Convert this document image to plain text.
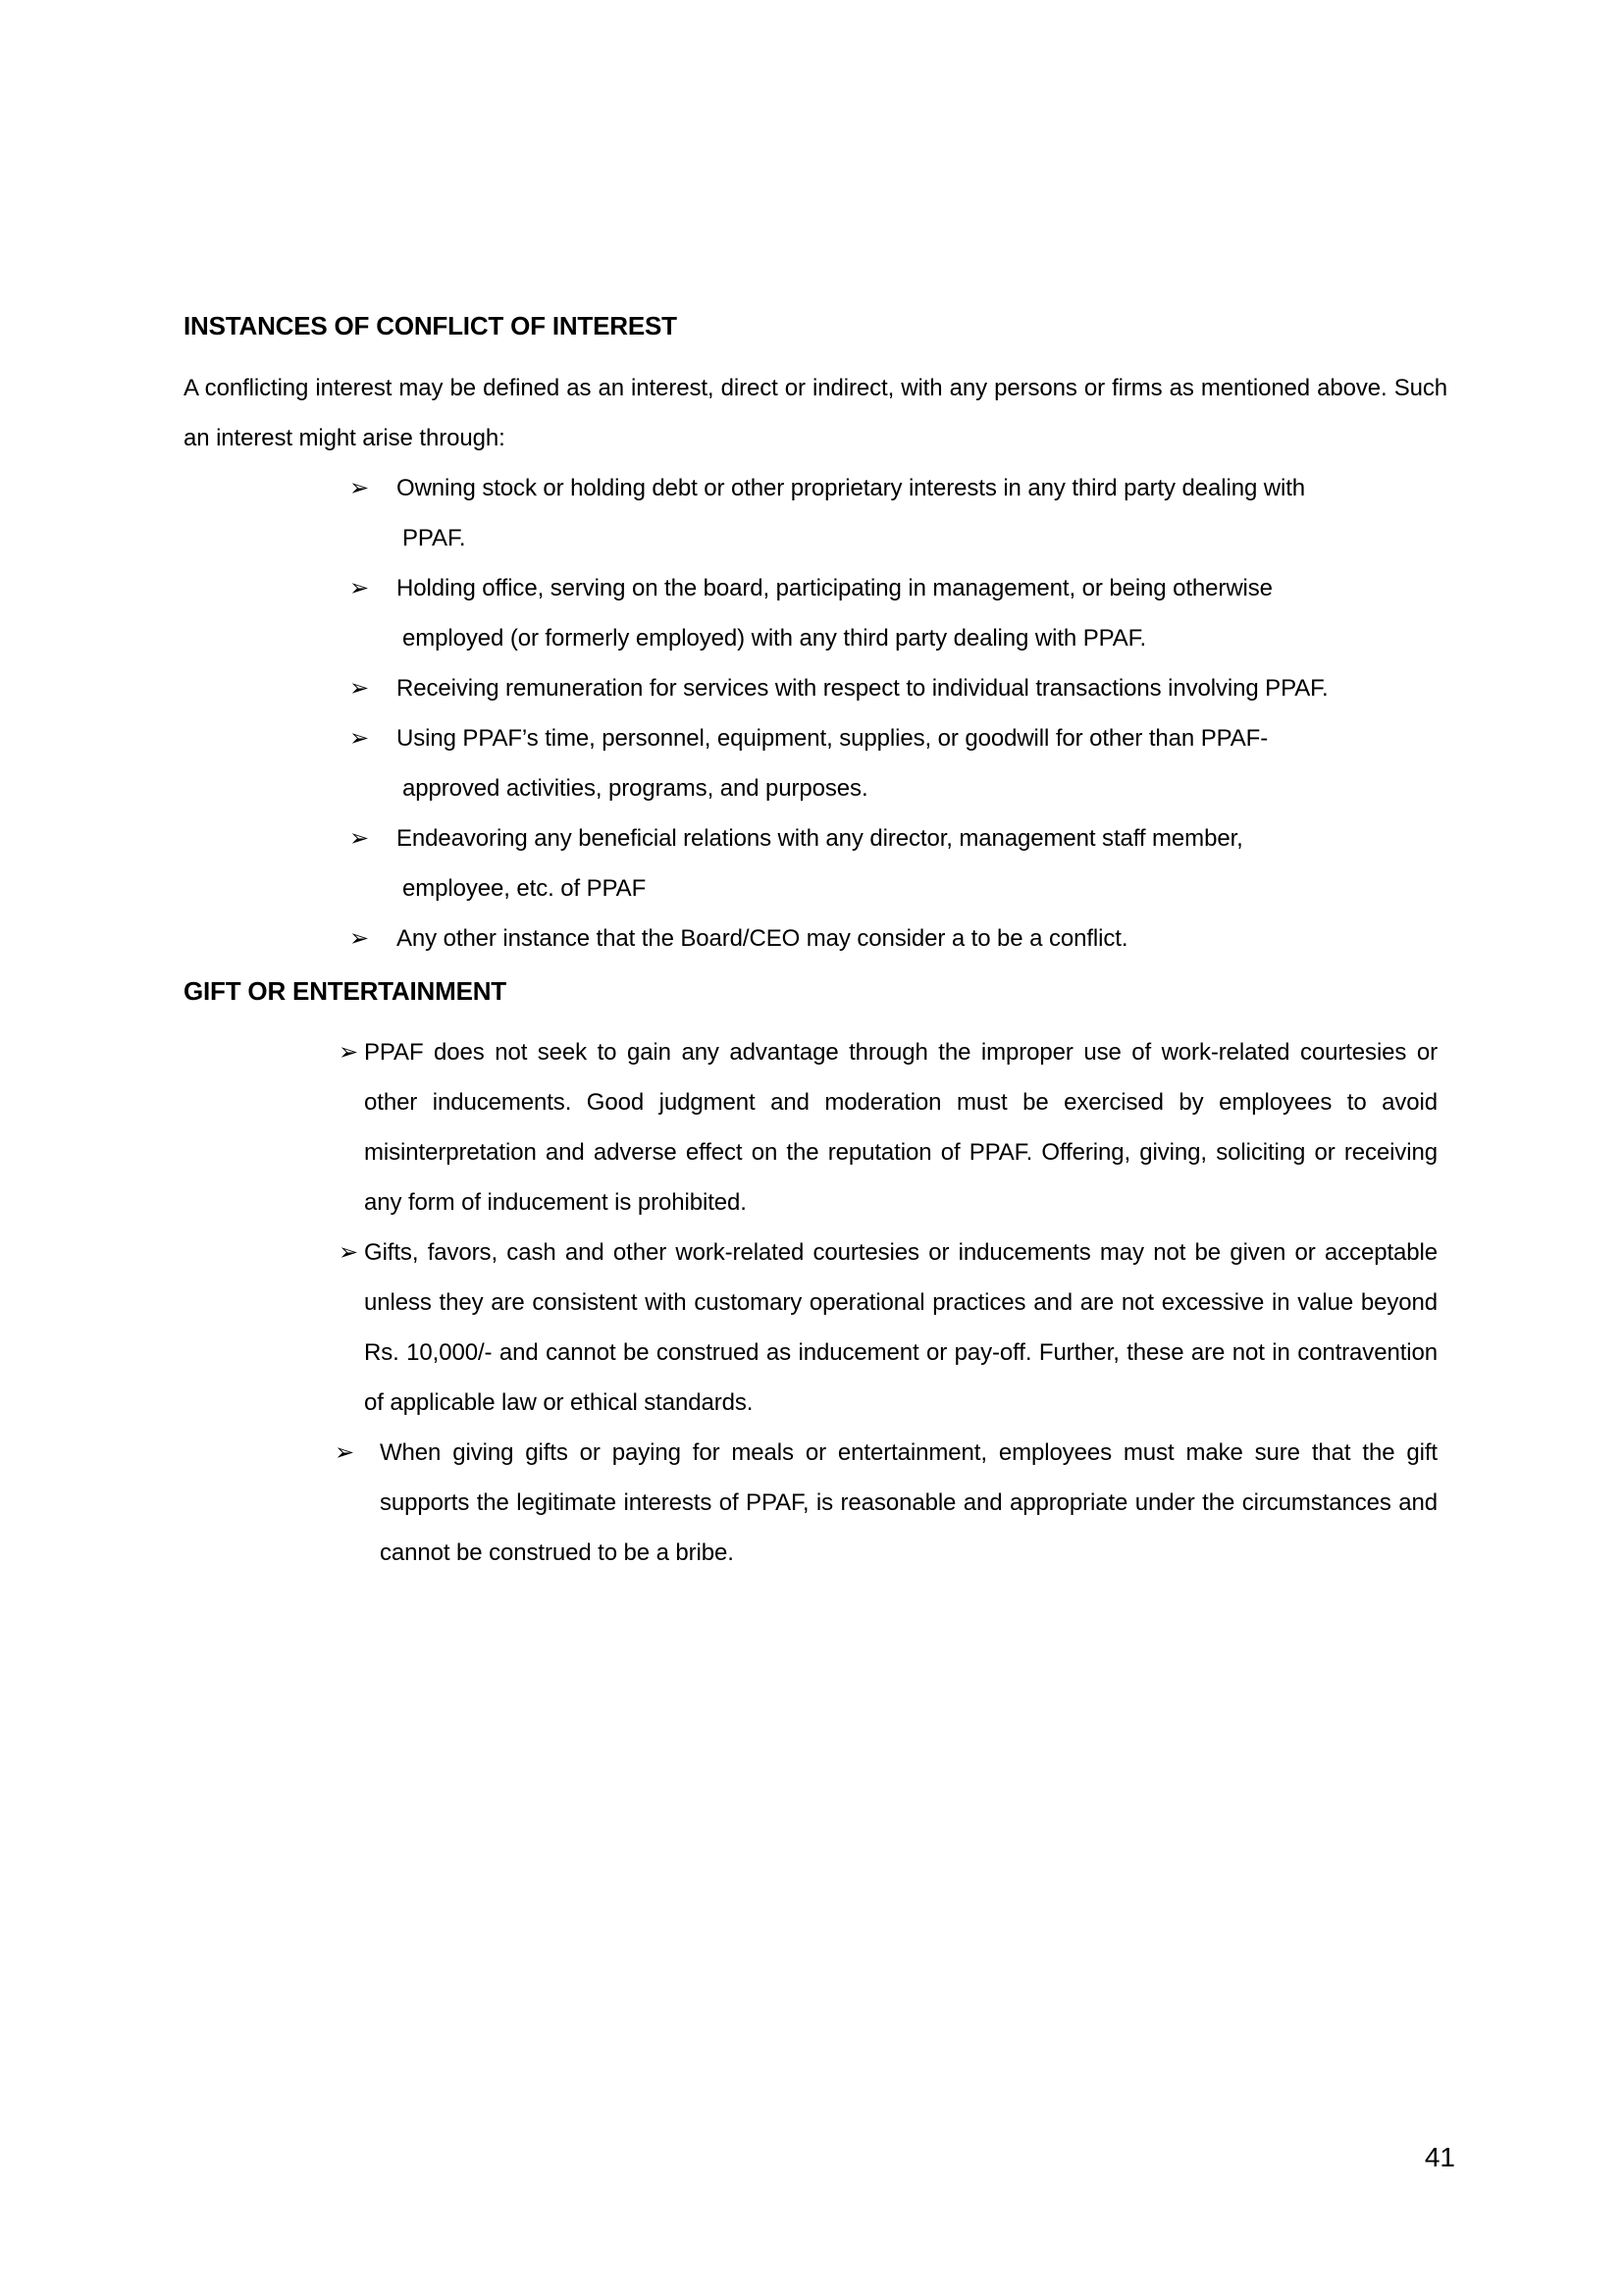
INSTANCES OF CONFLICT OF INTEREST

A conflicting interest may be defined as an interest, direct or indirect, with any persons or firms as mentioned above. Such an interest might arise through:

➢	Owning stock or holding debt or other proprietary interests in any third party dealing with
PPAF.
➢	Holding office, serving on the board, participating in management, or being otherwise
employed (or formerly employed) with any third party dealing with PPAF.
➢	Receiving remuneration for services with respect to individual transactions involving PPAF.
➢	Using PPAF’s time, personnel, equipment, supplies, or goodwill for other than PPAF-
approved activities, programs, and purposes.
➢	Endeavoring any beneficial relations with any director, management staff member,
employee, etc. of PPAF
➢	Any other instance that the Board/CEO may consider a to be a conflict.
GIFT OR ENTERTAINMENT
➢ PPAF does not seek to gain any advantage through the improper use of work-related courtesies or other inducements. Good judgment and moderation must be exercised by employees to avoid misinterpretation and adverse effect on the reputation of PPAF. Offering, giving, soliciting or receiving any form of inducement is prohibited.
➢ Gifts, favors, cash and other work-related courtesies or inducements may not be given or acceptable unless they are consistent with customary operational practices and are not excessive in value beyond Rs. 10,000/- and cannot be construed as inducement or pay-off. Further, these are not in contravention of applicable law or ethical standards.
➢ When giving gifts or paying for meals or entertainment, employees must make sure that the gift supports the legitimate interests of PPAF, is reasonable and appropriate under the circumstances and cannot be construed to be a bribe.
41
